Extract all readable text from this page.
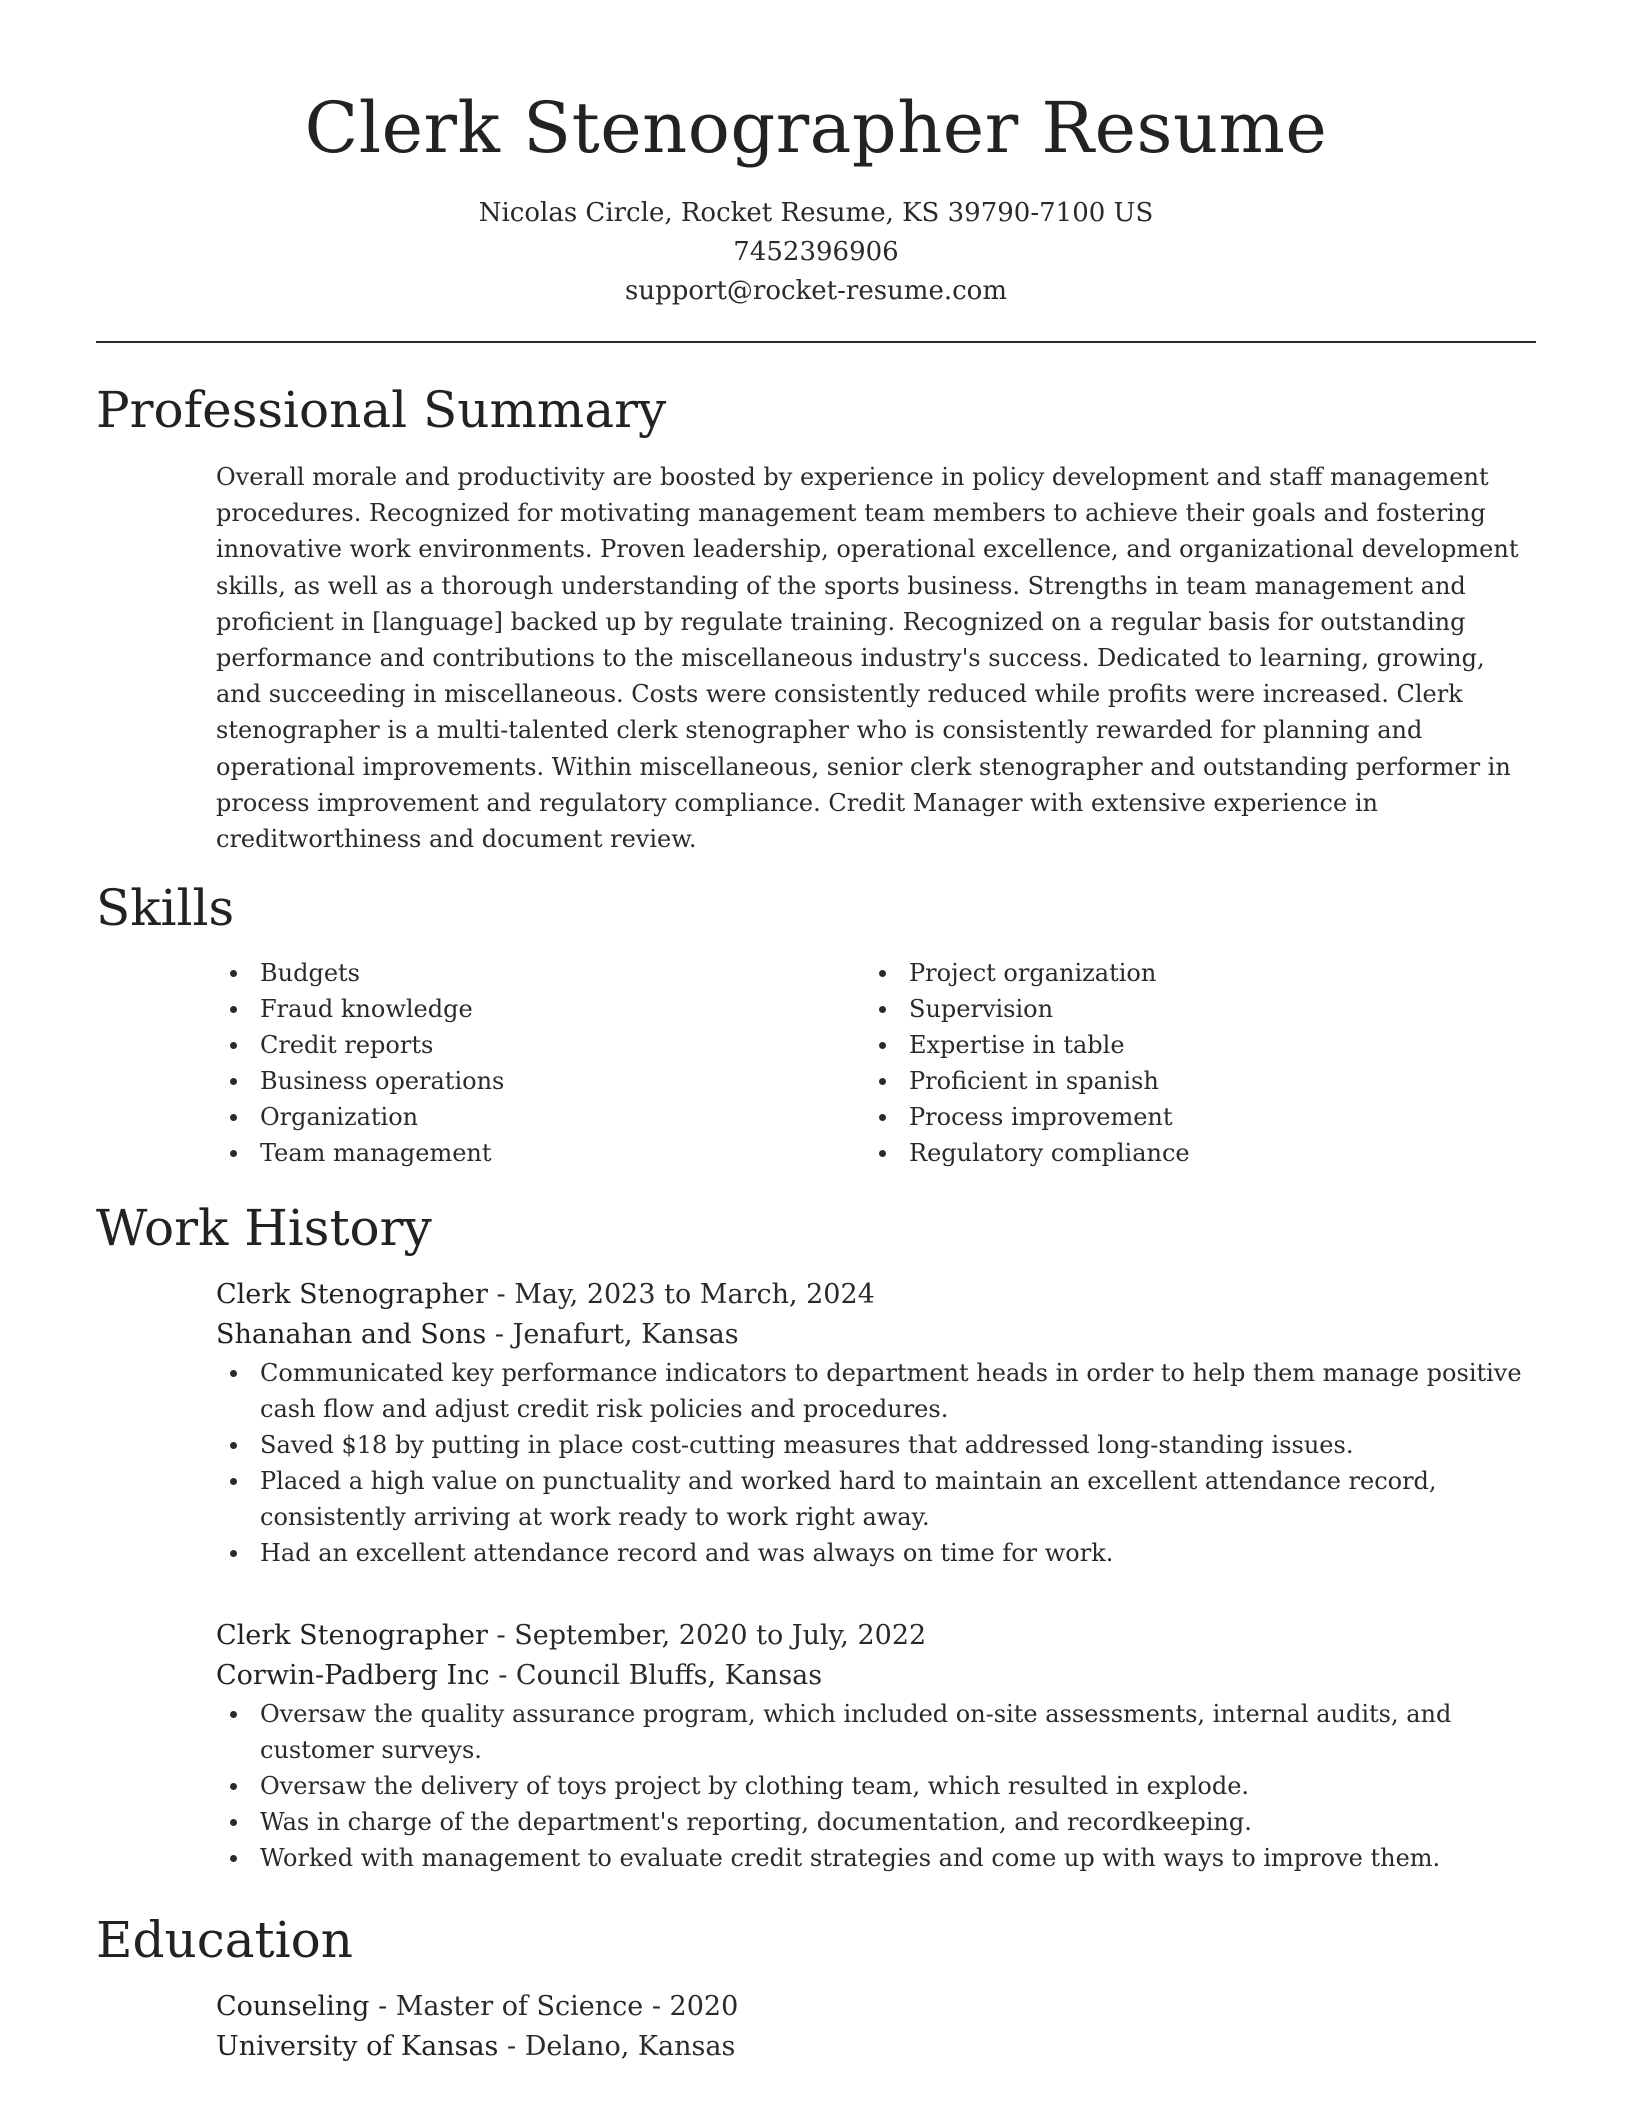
Clerk Stenographer Resume

Nicolas Circle, Rocket Resume, KS 39790-7100 US

7452396906

support@rocket-resume.com

Professional Summary

Overall morale and productivity are boosted by experience in policy development and staff management procedures. Recognized for motivating management team members to achieve their goals and fostering innovative work environments. Proven leadership, operational excellence, and organizational development skills, as well as a thorough understanding of the sports business. Strengths in team management and proficient in [language] backed up by regulate training. Recognized on a regular basis for outstanding performance and contributions to the miscellaneous industry's success. Dedicated to learning, growing, and succeeding in miscellaneous. Costs were consistently reduced while profits were increased. Clerk stenographer is a multi-talented clerk stenographer who is consistently rewarded for planning and operational improvements. Within miscellaneous, senior clerk stenographer and outstanding performer in process improvement and regulatory compliance. Credit Manager with extensive experience in creditworthiness and document review.

Skills
Budgets
Fraud knowledge
Credit reports
Business operations
Organization
Team management
Project organization
Supervision
Expertise in table
Proficient in spanish
Process improvement
Regulatory compliance
Work History

Clerk Stenographer - May, 2023 to March, 2024

Shanahan and Sons - Jenafurt, Kansas

Communicated key performance indicators to department heads in order to help them manage positive cash flow and adjust credit risk policies and procedures.
Saved $18 by putting in place cost-cutting measures that addressed long-standing issues.
Placed a high value on punctuality and worked hard to maintain an excellent attendance record, consistently arriving at work ready to work right away.
Had an excellent attendance record and was always on time for work.

Clerk Stenographer - September, 2020 to July, 2022

Corwin-Padberg Inc - Council Bluffs, Kansas

Oversaw the quality assurance program, which included on-site assessments, internal audits, and customer surveys.
Oversaw the delivery of toys project by clothing team, which resulted in explode.
Was in charge of the department's reporting, documentation, and recordkeeping.
Worked with management to evaluate credit strategies and come up with ways to improve them.
Education

Counseling - Master of Science - 2020

University of Kansas - Delano, Kansas
